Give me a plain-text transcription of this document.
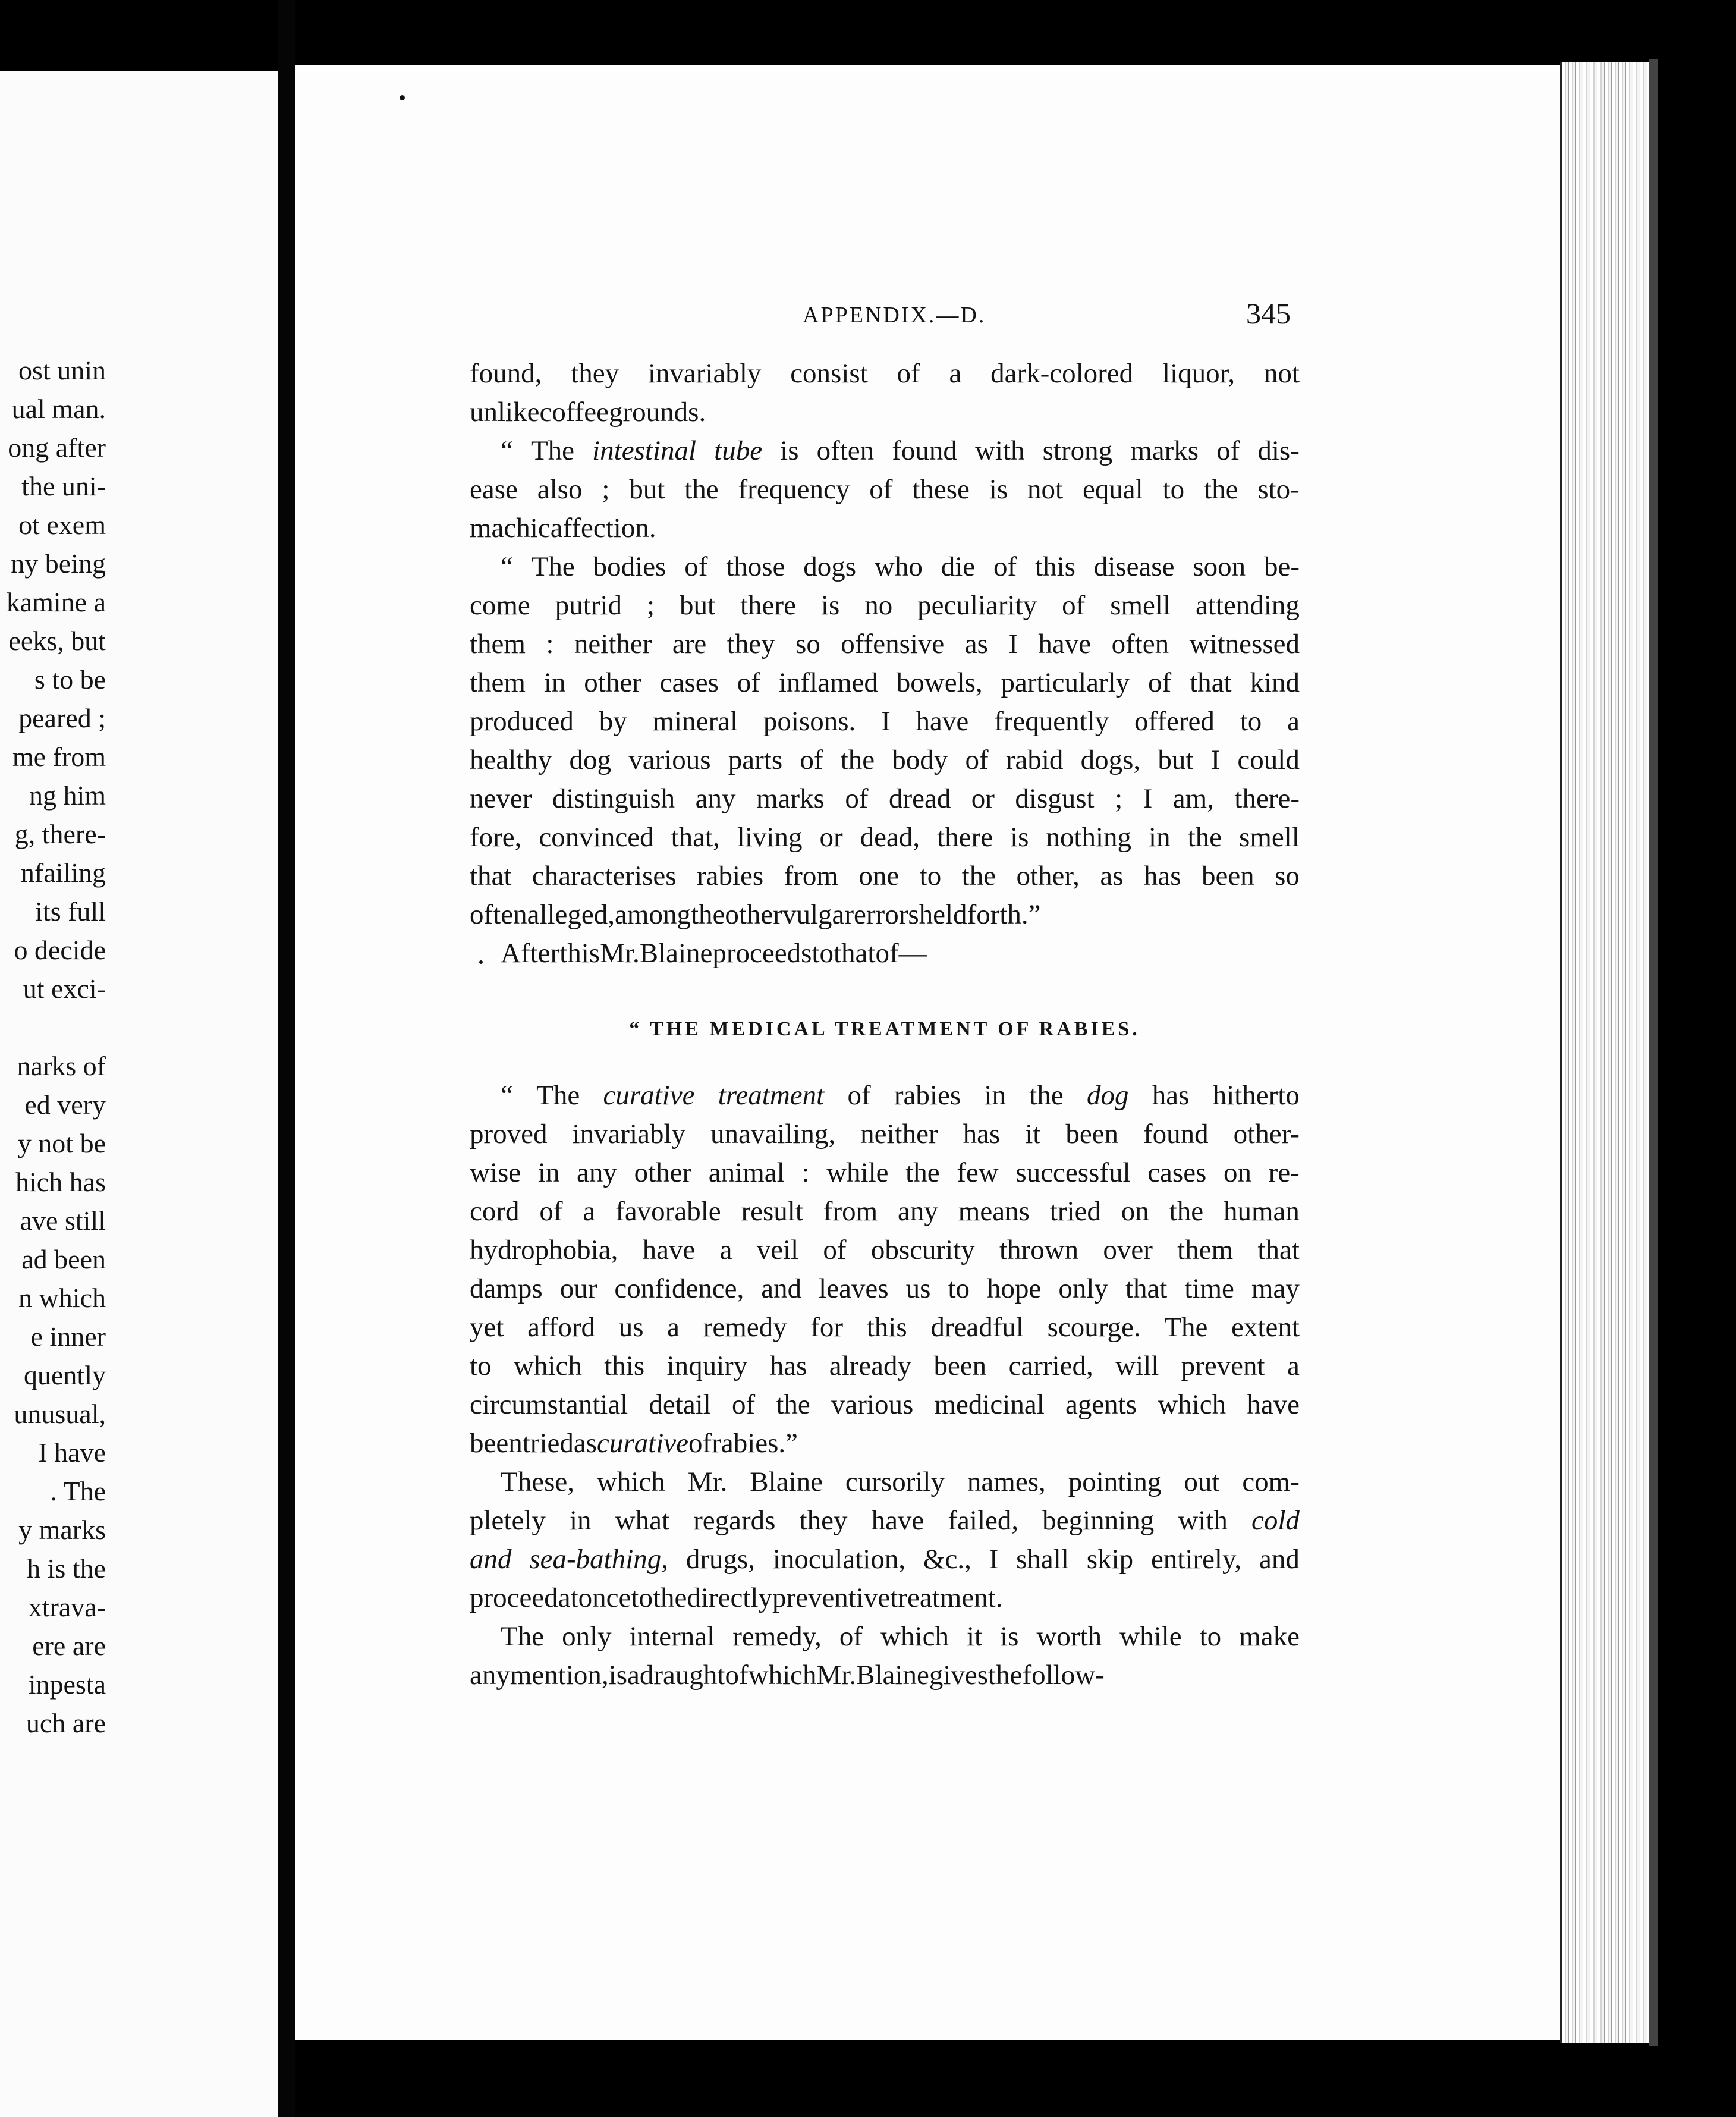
ost unin
ual man.
ong after
the uni-
ot exem
ny being
kamine a
eeks, but
s to be
peared ;
me from
ng him
g, there-
nfailing
its full
o decide
ut exci-
narks of
ed very
y not be
hich has
ave still
ad been
n which
e inner
quently
unusual,
I have
. The
y marks
h is the
xtrava-
ere are
inpesta
uch are
APPENDIX.—D.	345
found, they invariably consist of a dark-colored liquor, not
unlike coffee grounds.
“ The intestinal tube is often found with strong marks of dis-
ease also ; but the frequency of these is not equal to the sto-
machic affection.
“ The bodies of those dogs who die of this disease soon be-
come putrid ; but there is no peculiarity of smell attending
them : neither are they so offensive as I have often witnessed
them in other cases of inflamed bowels, particularly of that kind
produced by mineral poisons. I have frequently offered to a
healthy dog various parts of the body of rabid dogs, but I could
never distinguish any marks of dread or disgust ; I am, there-
fore, convinced that, living or dead, there is nothing in the smell
that characterises rabies from one to the other, as has been so
often alleged, among the other vulgar errors held forth.”
After this Mr. Blaine proceeds to that of—
“ THE MEDICAL TREATMENT OF RABIES.
“ The curative treatment of rabies in the dog has hitherto
proved invariably unavailing, neither has it been found other-
wise in any other animal : while the few successful cases on re-
cord of a favorable result from any means tried on the human
hydrophobia, have a veil of obscurity thrown over them that
damps our confidence, and leaves us to hope only that time may
yet afford us a remedy for this dreadful scourge. The extent
to which this inquiry has already been carried, will prevent a
circumstantial detail of the various medicinal agents which have
been tried as curative of rabies.”
These, which Mr. Blaine cursorily names, pointing out com-
pletely in what regards they have failed, beginning with cold
and sea-bathing, drugs, inoculation, &c., I shall skip entirely, and
proceed at once to the directly preventive treatment.
The only internal remedy, of which it is worth while to make
any mention, is a draught of which Mr. Blaine gives the follow-
